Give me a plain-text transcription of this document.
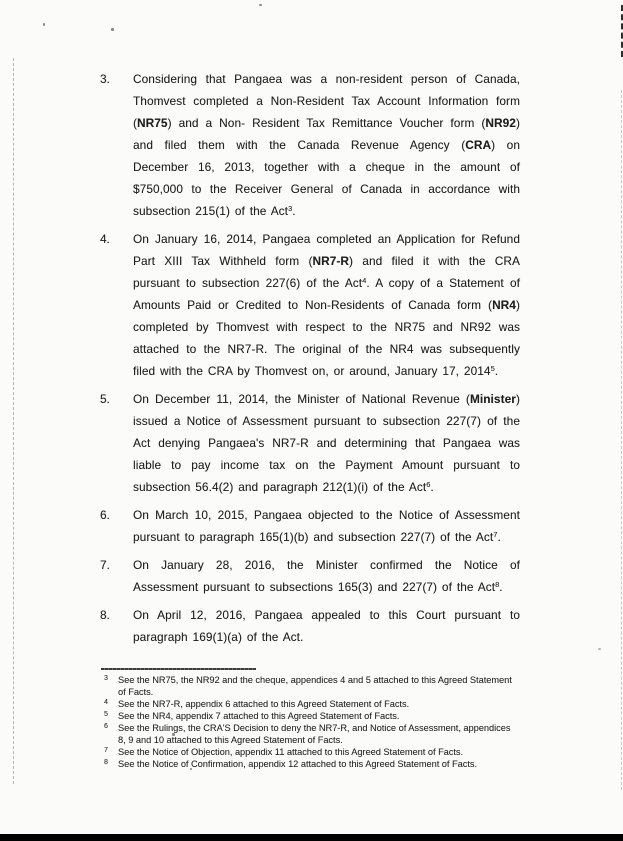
3.	Considering that Pangaea was a non-resident person of Canada, Thomvest completed a Non-Resident Tax Account Information form (NR75) and a Non- Resident Tax Remittance Voucher form (NR92) and filed them with the Canada Revenue Agency (CRA) on December 16, 2013, together with a cheque in the amount of $750,000 to the Receiver General of Canada in accordance with subsection 215(1) of the Act$^3$.
4.	On January 16, 2014, Pangaea completed an Application for Refund Part XIII Tax Withheld form (NR7-R) and filed it with the CRA pursuant to subsection 227(6) of the Act$^4$. A copy of a Statement of Amounts Paid or Credited to Non-Residents of Canada form (NR4) completed by Thomvest with respect to the NR75 and NR92 was attached to the NR7-R. The original of the NR4 was subsequently filed with the CRA by Thomvest on, or around, January 17, 2014$^5$.
5.	On December 11, 2014, the Minister of National Revenue (Minister) issued a Notice of Assessment pursuant to subsection 227(7) of the Act denying Pangaea's NR7-R and determining that Pangaea was liable to pay income tax on the Payment Amount pursuant to subsection 56.4(2) and paragraph 212(1)(i) of the Act$^6$.
6.	On March 10, 2015, Pangaea objected to the Notice of Assessment pursuant to paragraph 165(1)(b) and subsection 227(7) of the Act$^7$.
7.	On January 28, 2016, the Minister confirmed the Notice of Assessment pursuant to subsections 165(3) and 227(7) of the Act$^8$.
8.	On April 12, 2016, Pangaea appealed to this Court pursuant to paragraph 169(1)(a) of the Act.
3	See the NR75, the NR92 and the cheque, appendices 4 and 5 attached to this Agreed Statement of Facts.
4	See the NR7-R, appendix 6 attached to this Agreed Statement of Facts.
5	See the NR4, appendix 7 attached to this Agreed Statement of Facts.
6	See the Rulings, the CRA'S Decision to deny the NR7-R, and Notice of Assessment, appendices 8, 9 and 10 attached to this Agreed Statement of Facts.
7	See the Notice of Objection, appendix 11 attached to this Agreed Statement of Facts.
8	See the Notice of Confirmation, appendix 12 attached to this Agreed Statement of Facts.
